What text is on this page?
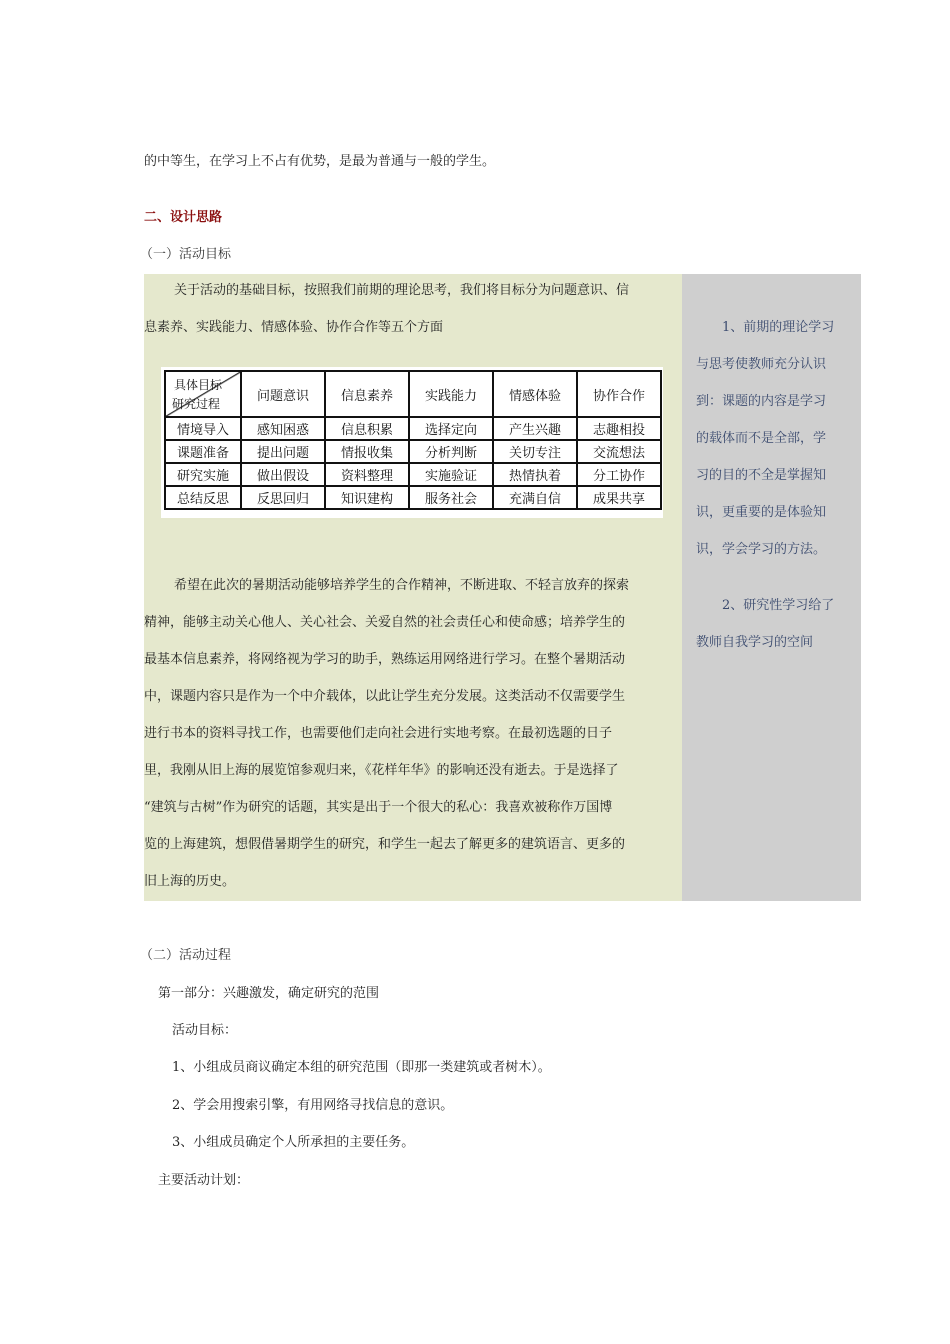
的中等生，在学习上不占有优势，是最为普通与一般的学生。
二、设计思路
（一）活动目标
关于活动的基础目标，按照我们前期的理论思考，我们将目标分为问题意识、信
息素养、实践能力、情感体验、协作合作等五个方面
具体目标
研究过程	问题意识	信息素养	实践能力	情感体验	协作合作
情境导入	感知困惑	信息积累	选择定向	产生兴趣	志趣相投
课题准备	提出问题	情报收集	分析判断	关切专注	交流想法
研究实施	做出假设	资料整理	实施验证	热情执着	分工协作
总结反思	反思回归	知识建构	服务社会	充满自信	成果共享
希望在此次的暑期活动能够培养学生的合作精神，不断进取、不轻言放弃的探索
精神，能够主动关心他人、关心社会、关爱自然的社会责任心和使命感；培养学生的
最基本信息素养，将网络视为学习的助手，熟练运用网络进行学习。在整个暑期活动
中，课题内容只是作为一个中介载体，以此让学生充分发展。这类活动不仅需要学生
进行书本的资料寻找工作，也需要他们走向社会进行实地考察。在最初选题的日子
里，我刚从旧上海的展览馆参观归来，《花样年华》的影响还没有逝去。于是选择了
“建筑与古树”作为研究的话题，其实是出于一个很大的私心：我喜欢被称作万国博
览的上海建筑，想假借暑期学生的研究，和学生一起去了解更多的建筑语言、更多的
旧上海的历史。
1、前期的理论学习
与思考使教师充分认识
到：课题的内容是学习
的载体而不是全部，学
习的目的不全是掌握知
识，更重要的是体验知
识，学会学习的方法。
2、研究性学习给了
教师自我学习的空间
（二）活动过程
第一部分：兴趣激发，确定研究的范围
活动目标：
1、小组成员商议确定本组的研究范围（即那一类建筑或者树木）。
2、学会用搜索引擎，有用网络寻找信息的意识。
3、小组成员确定个人所承担的主要任务。
主要活动计划：
